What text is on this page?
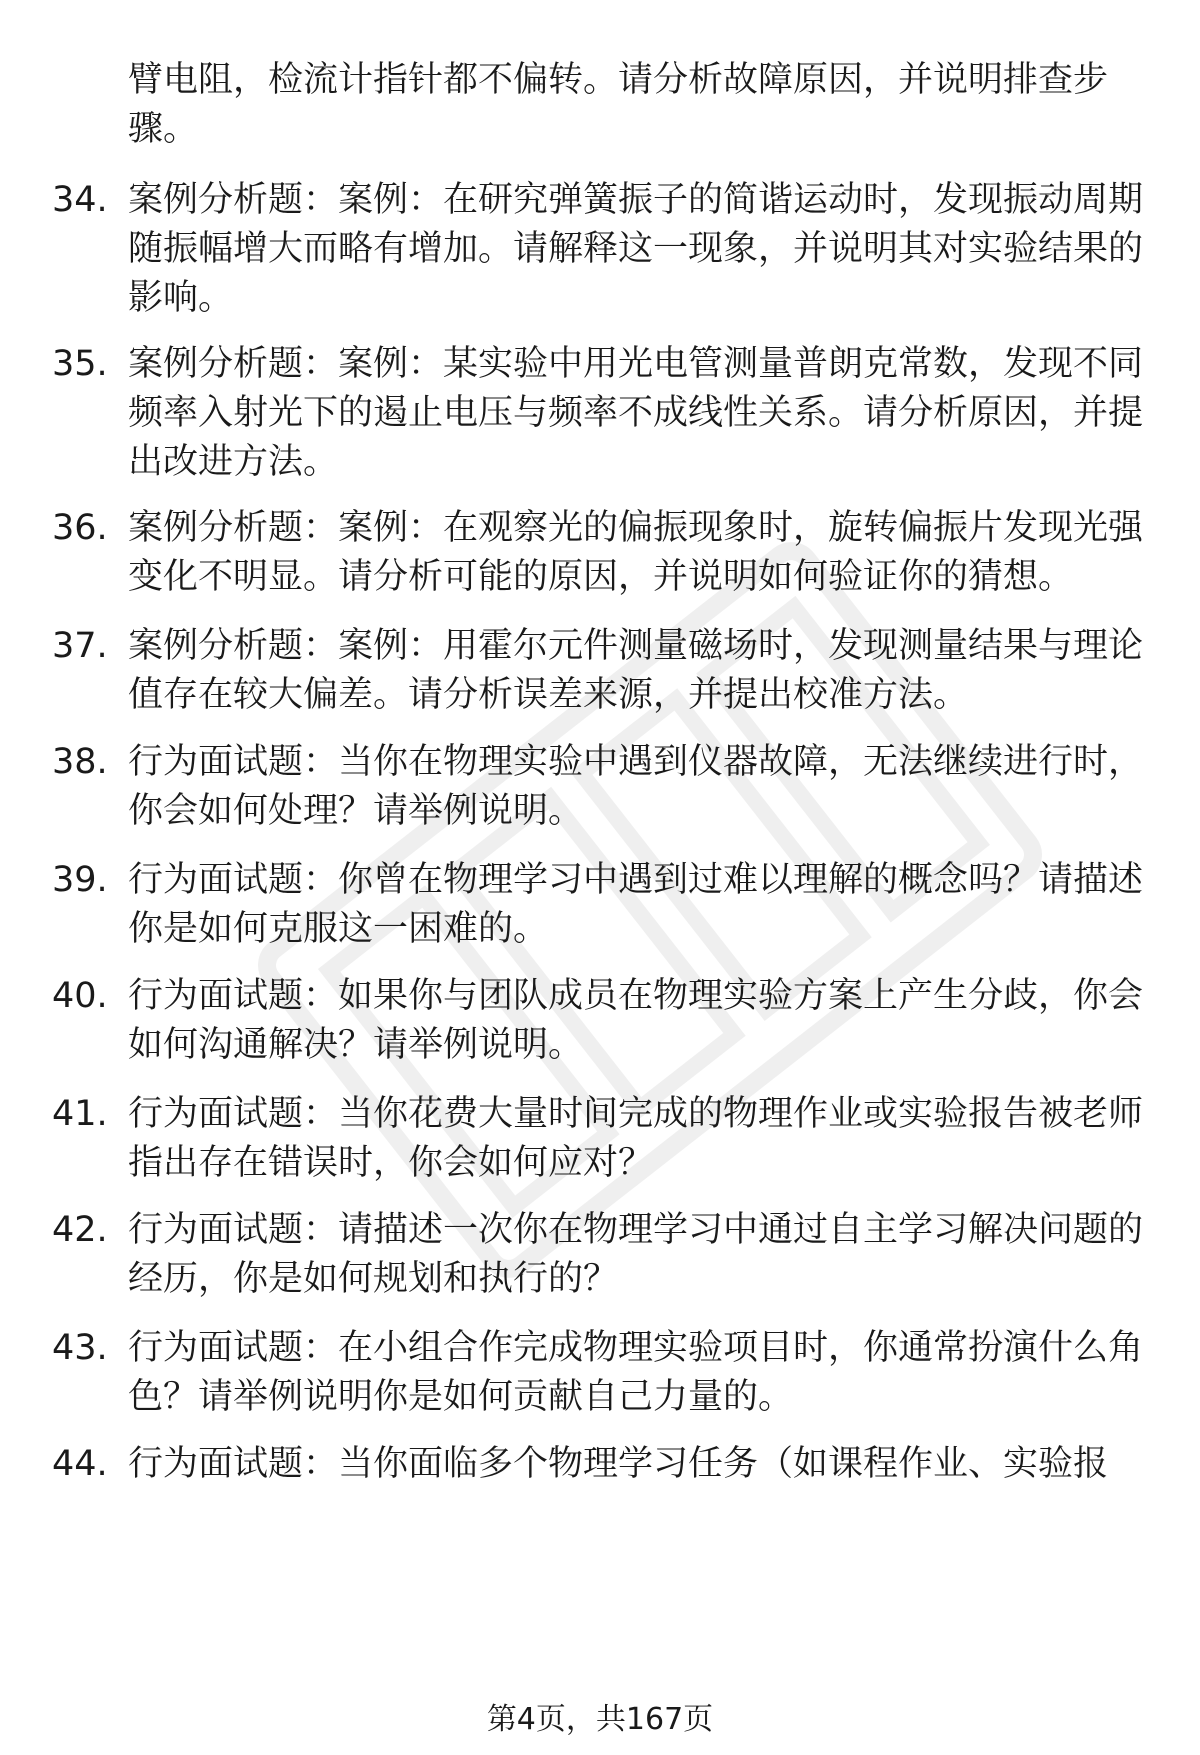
臂电阻，检流计指针都不偏转。请分析故障原因，并说明排查步骤。
34. 案例分析题：案例：在研究弹簧振子的简谐运动时，发现振动周期随振幅增大而略有增加。请解释这一现象，并说明其对实验结果的影响。
35. 案例分析题：案例：某实验中用光电管测量普朗克常数，发现不同频率入射光下的遏止电压与频率不成线性关系。请分析原因，并提出改进方法。
36. 案例分析题：案例：在观察光的偏振现象时，旋转偏振片发现光强变化不明显。请分析可能的原因，并说明如何验证你的猜想。
37. 案例分析题：案例：用霍尔元件测量磁场时，发现测量结果与理论值存在较大偏差。请分析误差来源，并提出校准方法。
38. 行为面试题：当你在物理实验中遇到仪器故障，无法继续进行时，你会如何处理？请举例说明。
39. 行为面试题：你曾在物理学习中遇到过难以理解的概念吗？请描述你是如何克服这一困难的。
40. 行为面试题：如果你与团队成员在物理实验方案上产生分歧，你会如何沟通解决？请举例说明。
41. 行为面试题：当你花费大量时间完成的物理作业或实验报告被老师指出存在错误时，你会如何应对？
42. 行为面试题：请描述一次你在物理学习中通过自主学习解决问题的经历，你是如何规划和执行的？
43. 行为面试题：在小组合作完成物理实验项目时，你通常扮演什么角色？请举例说明你是如何贡献自己力量的。
44. 行为面试题：当你面临多个物理学习任务（如课程作业、实验报
第4页，共167页
